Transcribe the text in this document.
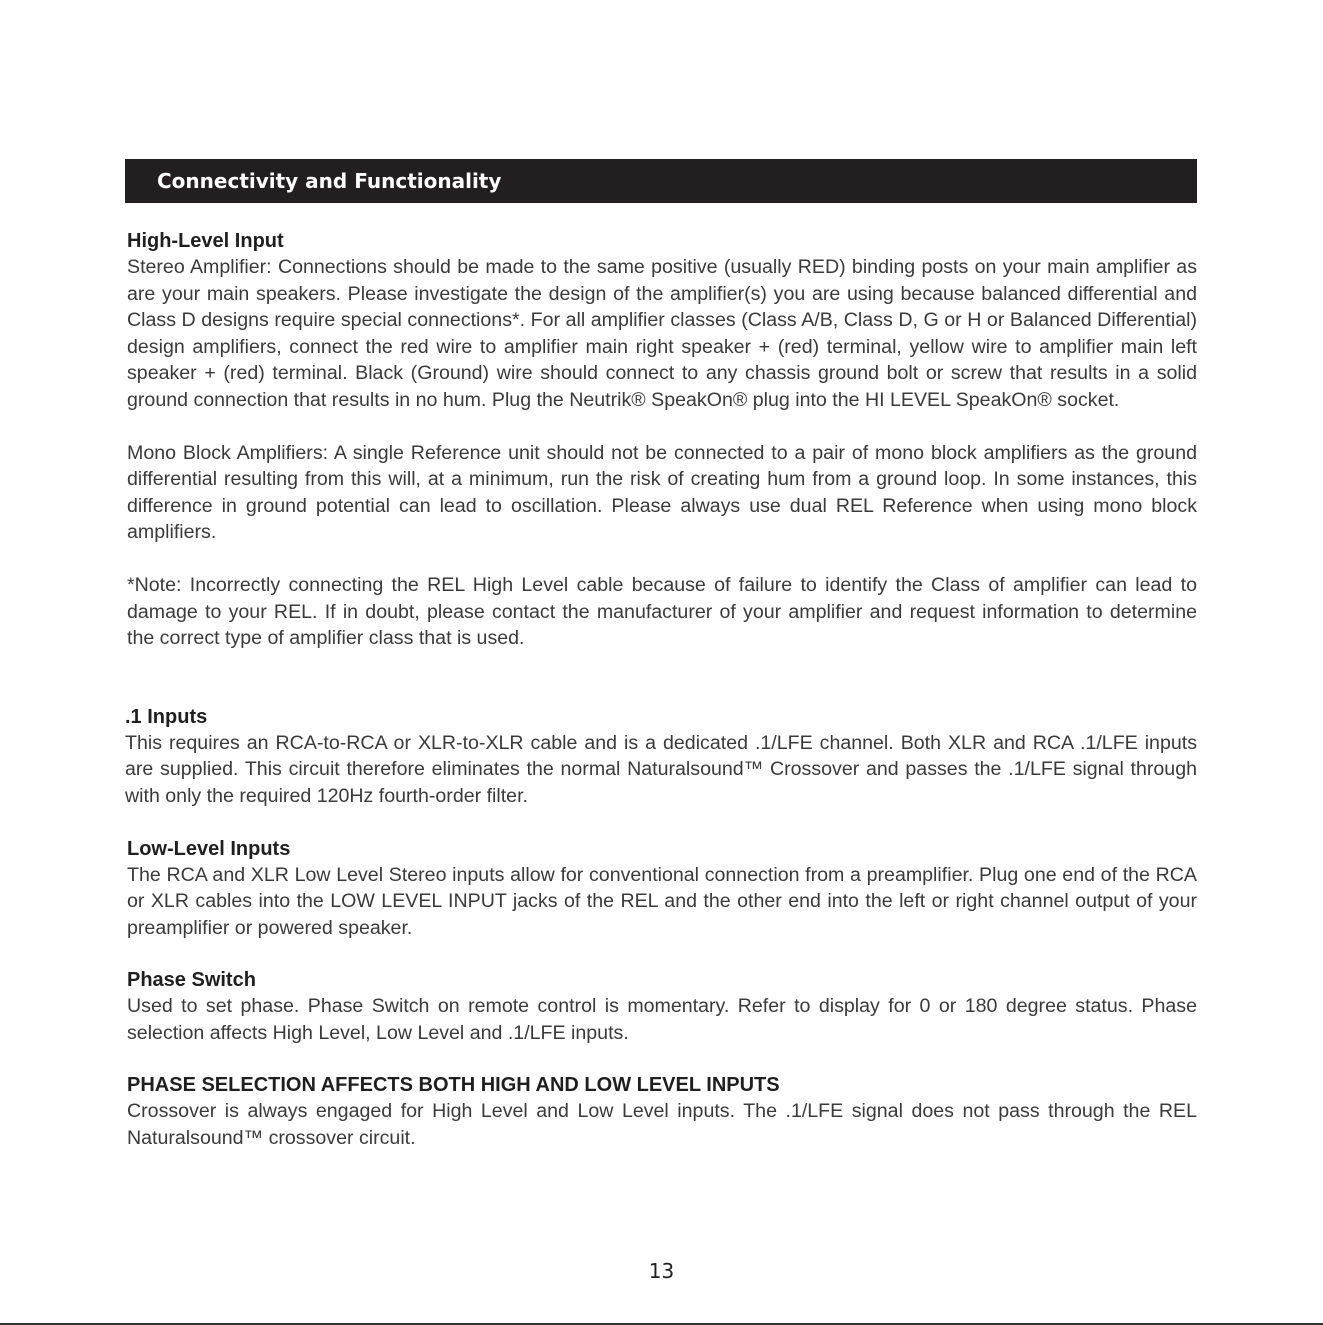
Connectivity and Functionality
High-Level Input

Stereo Amplifier: Connections should be made to the same positive (usually RED) binding posts on your main amplifier as are your main speakers. Please investigate the design of the amplifier(s) you are using because balanced differential and Class D designs require special connections*. For all amplifier classes (Class A/B, Class D, G or H or Balanced Differential) design amplifiers, connect the red wire to amplifier main right speaker + (red) terminal, yellow wire to amplifier main left speaker + (red) terminal. Black (Ground) wire should connect to any chassis ground bolt or screw that results in a solid ground connection that results in no hum. Plug the Neutrik® SpeakOn® plug into the HI LEVEL SpeakOn® socket.

Mono Block Amplifiers: A single Reference unit should not be connected to a pair of mono block amplifiers as the ground differential resulting from this will, at a minimum, run the risk of creating hum from a ground loop. In some instances, this difference in ground potential can lead to oscillation. Please always use dual REL Reference when using mono block amplifiers.

*Note: Incorrectly connecting the REL High Level cable because of failure to identify the Class of amplifier can lead to damage to your REL. If in doubt, please contact the manufacturer of your amplifier and request information to determine the correct type of amplifier class that is used.

.1 Inputs

This requires an RCA-to-RCA or XLR-to-XLR cable and is a dedicated .1/LFE channel. Both XLR and RCA .1/LFE inputs are supplied. This circuit therefore eliminates the normal Naturalsound™ Crossover and passes the .1/LFE signal through with only the required 120Hz fourth-order filter.

Low-Level Inputs

The RCA and XLR Low Level Stereo inputs allow for conventional connection from a preamplifier. Plug one end of the RCA or XLR cables into the LOW LEVEL INPUT jacks of the REL and the other end into the left or right channel output of your preamplifier or powered speaker.

Phase Switch

Used to set phase. Phase Switch on remote control is momentary. Refer to display for 0 or 180 degree status. Phase selection affects High Level, Low Level and .1/LFE inputs.

PHASE SELECTION AFFECTS BOTH HIGH AND LOW LEVEL INPUTS

Crossover is always engaged for High Level and Low Level inputs. The .1/LFE signal does not pass through the REL Naturalsound™ crossover circuit.

13
